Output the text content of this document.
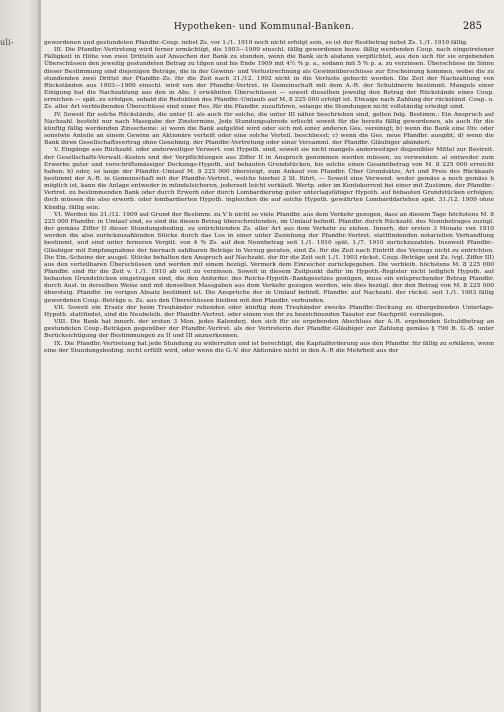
uli-
Hypotheken- und Kommunal-Banken.	285

gewordenen und gestundeten Pfandbr.-Coup. nebst Zs. vor 1./1. 1910 noch nicht erfolgt sein, so ist der Restbetrag nebst Zs. 1./1. 1910 fällig.

III. Die Pfandbr.-Vertretung wird ferner ermächtigt, die 1903—1909 einschl. fällig gewordenen bezw. fällig werdenden Coup. nach eingetretener Fälligkeit in Höhe von zwei Dritteln auf Ansuchen der Bank zu stunden, wenn die Bank sich alsdann verpflichtet, aus den sich für sie ergebenden Überschüssen den jeweilig gestundeten Betrag zu tilgen und bis Ende 1909 mit 4½ % p. a., sodann mit 5 % p. a. zu verzinsen. Überschüsse im Sinne dieser Bestimmung sind diejenigen Beträge, die in der Gewinn- und Verlustrechnung als Gewinnüberschüsse zur Erscheinung kommen, wobei die zu stundenden zwei Drittel der Pfandbr.-Zs. für die Zeit nach 31./12. 1902 nicht in die Verluste gebucht werden. Die Zeit der Nachzahlung von Rückständen aus 1903—1909 einschl. wird von der Pfandbr.-Vertret. in Gemeinschaft mit dem A.-R. der Schuldnerin bestimmt. Mangels einer Einigung hat die Nachzahlung aus den in Abs. I erwähnten Überschüssen — soweit dieselben jeweilig den Betrag der Rückstände eines Coup. erreichen — spät. zu erfolgen, sobald die Reduktion des Pfandbr.-Umlaufs auf M. 8 225 000 erfolgt ist. Etwaige nach Zahlung der rückständ. Coup. u. Zs. aller Art verbleibenden Überschüsse sind einer Res. für die Pfandbr. zuzuführen, solange die Stundungen nicht vollständig erledigt sind.

IV. Soweit für solche Rückstände, die unter II. als auch für solche, die unter III näher beschrieben sind, gelten folg. Bestimm.: Ein Anspruch auf Nachzahl. besteht nur nach Massgabe der Zinstermine, Jede Stundungsabrede erlischt soweit für die bereits fällig gewordenen, als auch für die künftig fällig werdenden Zinsscheine: a) wenn die Bank aufgelöst wird oder sich mit einer anderen Ges. vereinigt; b) wenn die Bank eine Div. oder sonstwie Anteile an einem Gewinn an Aktionäre verteilt oder eine solche Verteil. beschliesst; c) wenn die Ges. neue Pfandbr. ausgibt; d) wenn die Bank ihren Gesellschaftsvertrag ohne Genehmig. der Pfandbr.-Vertretung oder einer Versamml. der Pfandbr. Gläubiger abändert.

V. Eingänge aus Rückzahl. oder anderweitiger Verwert. von Hypoth. sind, soweit sie nicht mangels anderweitiger disponibler Mittel zur Bestreit. der Gesellschafts-Verwalt.-Kosten und der Verpflichtungen aus Ziffer II in Anspruch genommen werden müssen, zu verwenden: a) entweder zum Erwerbe guter und vorschriftsmässiger Deckungs-Hypoth. auf bebauten Grundstücken, bis solche einen Gesamtbetrag von M. 8 225 000 erreicht haben; b) oder, so lange der Pfandbr.-Umlauf M. 8 225 000 übersteigt, zum Ankauf von Pfandbr. Über Grundsätze, Art und Preis des Rückkaufs bestimmt der A.-R. in Gemeinschaft mit der Pfandbr.-Vertret., welche hierbei 2 St. führt. — Soweit eine Verwend. weder gemäss a noch gemäss b möglich ist, kann die Anlage entweder in mündelsicheren, jederzeit leicht verkäufl. Wertp. oder im Kontokorrent bei einer mit Zustimm. der Pfandbr.-Vertret. zu bestimmenden Bank oder durch Erwerb oder durch Lombardierung guter unterlagsfähiger Hypoth. auf bebauten Grundstücken erfolgen; doch müssen die also erworb. oder lombardierten Hypoth. ingleichen die auf solche Hypoth. gewährten Lombarddarlehen spät. 31./12. 1909 ohne Kündig. fällig sein.

VI. Werden bis 31./12. 1909 auf Grund der Bestimm. zu V b nicht so viele Pfandbr. aus dem Verkehr gezogen, dass an diesem Tage höchstens M. 8 225 000 Pfandbr. in Umlauf sind, so sind die diesen Betrag überschreitenden, im Umlauf befindl. Pfandbr. durch Rückzahl. des Nennbetrages zuzügl. der gemäss Ziffer II dieser Stundungsbeding. zu entrichtenden Zs. aller Art aus dem Verkehr zu ziehen. Innerh. der ersten 3 Monate von 1910 werden die also zurückzuzahlenden Stücke durch das Los in einer unter Zuziehung der Pfandbr.-Vertret. stattfindenden notariellen Verhandlung bestimmt, und sind unter ferneren Vergüt. von 4 % Zs. auf den Nennbetrag seit 1./1. 1910 spät. 1./7. 1910 zurückzuzahlen. Insoweit Pfandbr.-Gläubiger mit Empfangnahme der hiernach zahlbaren Beträge in Verzug geraten, sind Zs. für die Zeit nach Eintritt des Verzugs nicht zu entrichten. Die Ein.-Scheine der ausgel. Stücke behalten den Anspruch auf Nachzahl. der für die Zeit seit 1./1. 1903 rückst. Coup.-Beträge und Zs. (vgl. Ziffer III) aus den verteilbaren Überschüssen und werden mit einem bezügl. Vermerk dem Einreicher zurückgegeben. Die verbleib. höchstens M. 8 225 000 Pfandbr. sind für die Zeit v. 1./1. 1910 ab voll zu verzinsen. Soweit in diesem Zeitpunkt dafür im Hypoth.-Register nicht lediglich Hypoth. auf bebauten Grundstücken eingetragen sind, die den Anforder. des Reichs-Hypoth.-Bankgesetzes genügen, muss ein entsprechender Betrag Pfandbr. durch Ausl. in derselben Weise und mit denselben Massgaben aus dem Verkehr gezogen werden, wie dies bezügl. der den Betrag von M. 8 225 000 übersteig. Pfandbr. im vorigen Absatz bestimmt ist. Die Ansprüche der in Umlauf befindl. Pfandbr. auf Nachzahl. der rückst. seit 1./1. 1903 fällig gewordenen Coup.-Beträge u. Zs. aus den Überschüssen bleiben mit den Pfandbr. verbunden.

VII. Soweit ein Ersatz der beim Treuhänder ruhenden oder künftig dem Treuhänder zwecks Pfandbr.-Deckung zu übergebenden Unterlags-Hypoth. stattfindet, sind die Neubeleih. der Pfandbr.-Vertret. oder einem von ihr zu bezeichnenden Taxator zur Nachprüf. vorzulegen.

VIII. Die Bank hat innerh. der ersten 3 Mon. jedes Kalenderj. den sich für sie ergebenden Abschluss der A.-R. ergebenden Schuldbetrag an gestundeten Coup.-Beträgen gegenüber der Pfandbr.-Vertret. als der Vertreterin der Pfandbr.-Gläubiger zur Zahlung gemäss § 790 B. G.-B. unter Berücksichtigung der Bestimmungen zu II und III anzuerkennen.

IX. Die Pfandbr.-Vertretung hat jede Stundung zu widerrufen und ist berechtigt, die Kapitalforderung aus den Pfandbr. für fällig zu erklären, wenn eine der Stundungsbeding. nicht erfüllt wird, oder wenn die G.-V. der Aktionäre nicht in den A.-R die Mehrheit aus der
